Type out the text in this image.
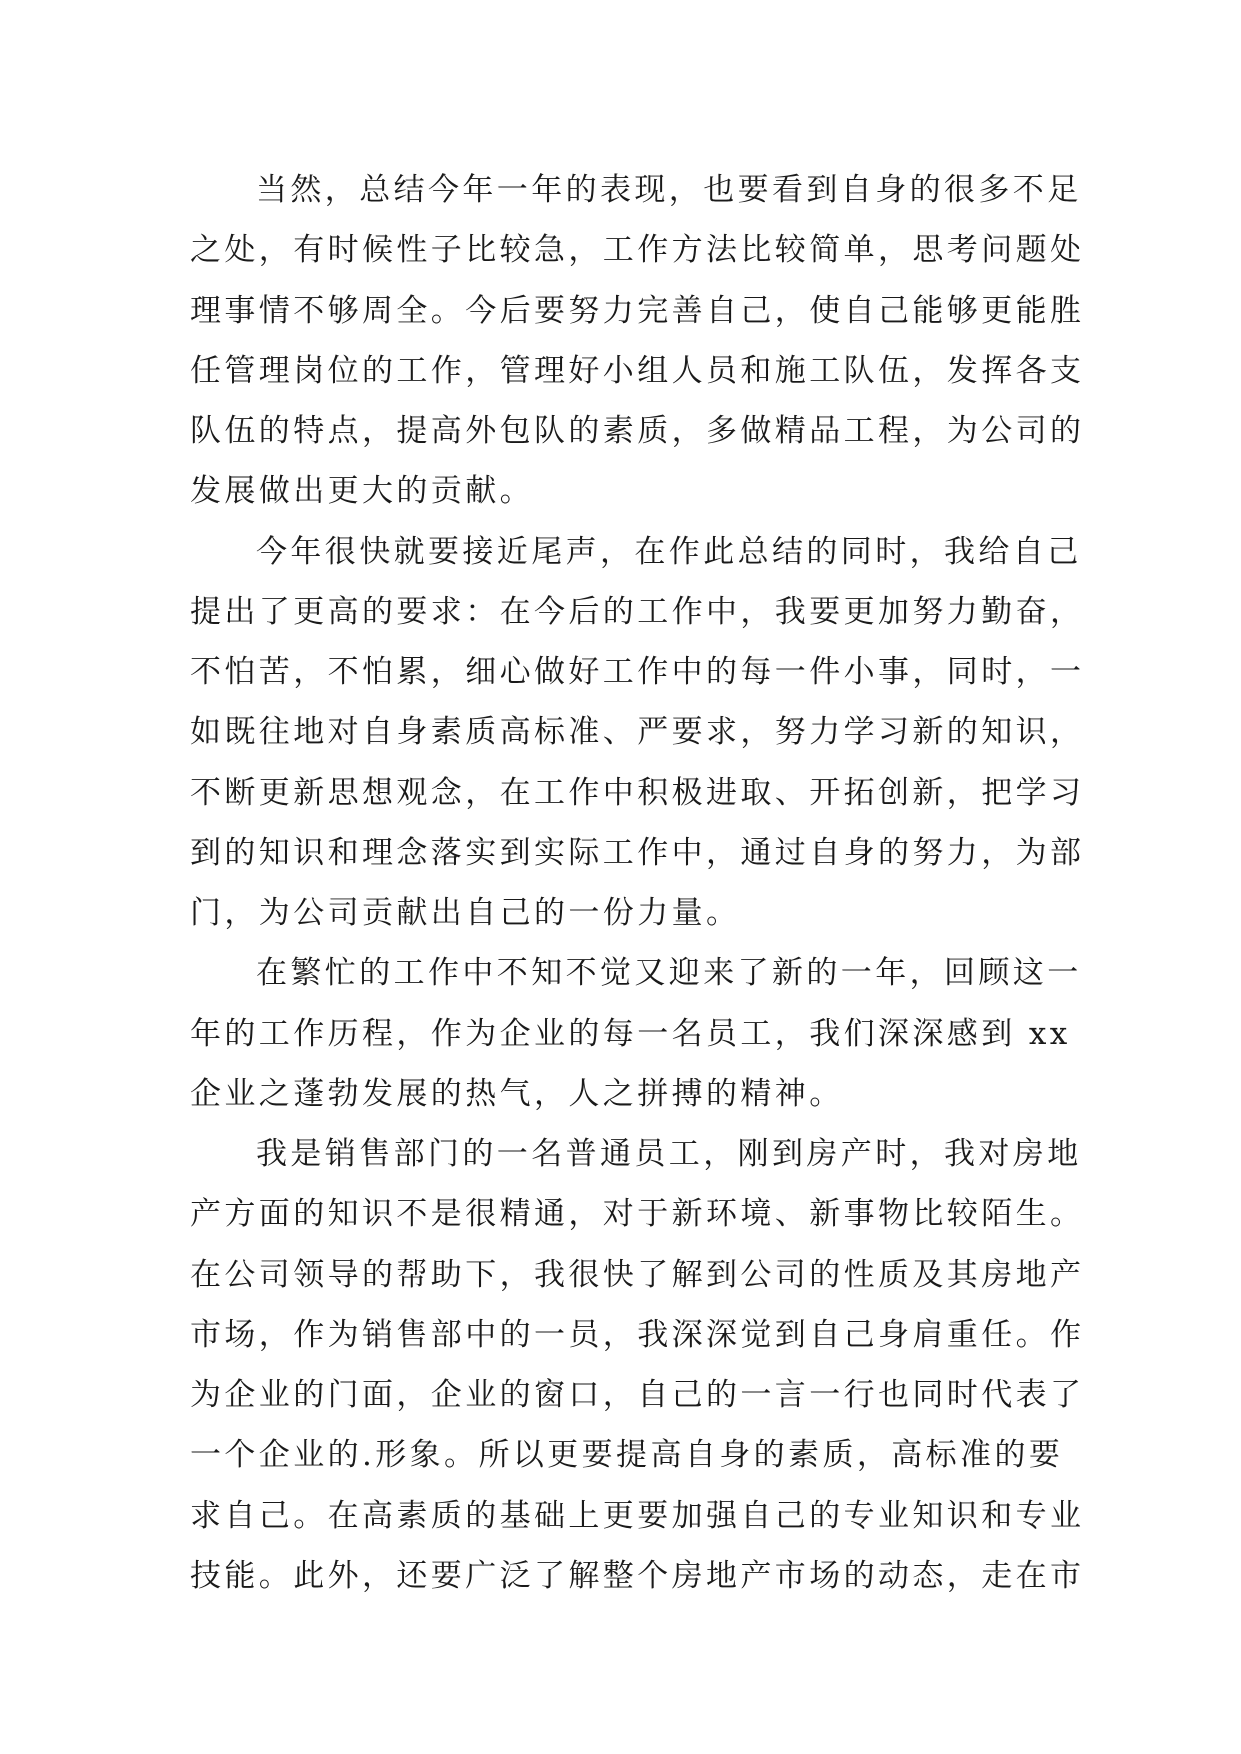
当然，总结今年一年的表现，也要看到自身的很多不足
之处，有时候性子比较急，工作方法比较简单，思考问题处
理事情不够周全。今后要努力完善自己，使自己能够更能胜
任管理岗位的工作，管理好小组人员和施工队伍，发挥各支
队伍的特点，提高外包队的素质，多做精品工程，为公司的
发展做出更大的贡献。
今年很快就要接近尾声，在作此总结的同时，我给自己
提出了更高的要求：在今后的工作中，我要更加努力勤奋，
不怕苦，不怕累，细心做好工作中的每一件小事，同时，一
如既往地对自身素质高标准、严要求，努力学习新的知识，
不断更新思想观念，在工作中积极进取、开拓创新，把学习
到的知识和理念落实到实际工作中，通过自身的努力，为部
门，为公司贡献出自己的一份力量。
在繁忙的工作中不知不觉又迎来了新的一年，回顾这一
年的工作历程，作为企业的每一名员工，我们深深感到 xx
企业之蓬勃发展的热气，人之拼搏的精神。
我是销售部门的一名普通员工，刚到房产时，我对房地
产方面的知识不是很精通，对于新环境、新事物比较陌生。
在公司领导的帮助下，我很快了解到公司的性质及其房地产
市场，作为销售部中的一员，我深深觉到自己身肩重任。作
为企业的门面，企业的窗口，自己的一言一行也同时代表了
一个企业的.形象。所以更要提高自身的素质，高标准的要
求自己。在高素质的基础上更要加强自己的专业知识和专业
技能。此外，还要广泛了解整个房地产市场的动态，走在市
